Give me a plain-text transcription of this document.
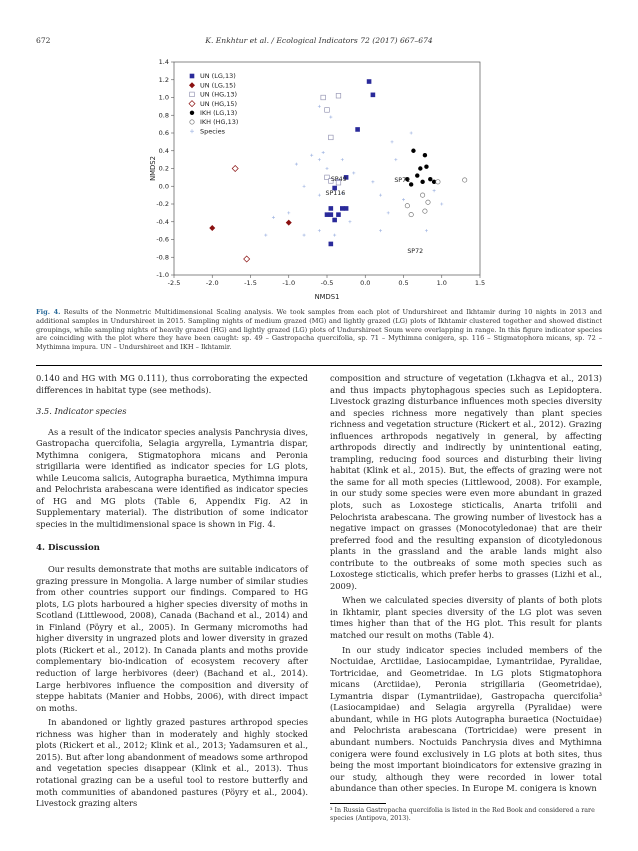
672	K. Enkhtur et al. / Ecological Indicators 72 (2017) 667–674
-2.5	-2.0	-1.5	-1.0	-0.5	0.0	0.5	1.0	1.5
-1.0
-0.8
-0.6
-0.4
-0.2
0.0
0.2
0.4
0.6
0.8
1.0
1.2
1.4
NMDS1
NMDS2	SP49
SP116
SP71
SP72
UN (LG,13)
UN (LG,15)
UN (HG,13)
UN (HG,15)
IKH (LG,13)
IKH (HG,13)
Species
Fig. 4. Results of the Nonmetric Multidimensional Scaling analysis. We took samples from each plot of Undurshireet and Ikhtamir during 10 nights in 2013 and additional samples in Undurshireet in 2015. Sampling nights of medium grazed (MG) and lightly grazed (LG) plots of Ikhtamir clustered together and showed distinct groupings, while sampling nights of heavily grazed (HG) and lightly grazed (LG) plots of Undurshireet Soum were overlapping in range. In this figure indicator species are coinciding with the plot where they have been caught: sp. 49 – Gastropacha quercifolia, sp. 71 – Mythimna conigera, sp. 116 – Stigmatophora micans, sp. 72 – Mythimna impura. UN – Undurshireet and IKH – Ikhtamir.

0.140 and HG with MG 0.111), thus corroborating the expected differences in habitat type (see methods).

3.5. Indicator species

As a result of the indicator species analysis Panchrysia dives, Gastropacha quercifolia, Selagia argyrella, Lymantria dispar, Mythimna conigera, Stigmatophora micans and Peronia strigillaria were identified as indicator species for LG plots, while Leucoma salicis, Autographa buraetica, Mythimna impura and Pelochrista arabescana were identified as indicator species of HG and MG plots (Table 6, Appendix Fig. A2 in Supplementary material). The distribution of some indicator species in the multidimensional space is shown in Fig. 4.

4. Discussion

Our results demonstrate that moths are suitable indicators of grazing pressure in Mongolia. A large number of similar studies from other countries support our findings. Compared to HG plots, LG plots harboured a higher species diversity of moths in Scotland (Littlewood, 2008), Canada (Bachand et al., 2014) and in Finland (Pöyry et al., 2005). In Germany micromoths had higher diversity in ungrazed plots and lower diversity in grazed plots (Rickert et al., 2012). In Canada plants and moths provide complementary bio-indication of ecosystem recovery after reduction of large herbivores (deer) (Bachand et al., 2014). Large herbivores influence the composition and diversity of steppe habitats (Manier and Hobbs, 2006), with direct impact on moths.

In abandoned or lightly grazed pastures arthropod species richness was higher than in moderately and highly stocked plots (Rickert et al., 2012; Klink et al., 2013; Yadamsuren et al., 2015). But after long abandonment of meadows some arthropod and vegetation species disappear (Klink et al., 2013). Thus rotational grazing can be a useful tool to restore butterfly and moth communities of abandoned pastures (Pöyry et al., 2004). Livestock grazing alters

composition and structure of vegetation (Lkhagva et al., 2013) and thus impacts phytophagous species such as Lepidoptera. Livestock grazing disturbance influences moth species diversity and species richness more negatively than plant species richness and vegetation structure (Rickert et al., 2012). Grazing influences arthropods negatively in general, by affecting arthropods directly and indirectly by unintentional eating, trampling, reducing food sources and disturbing their living habitat (Klink et al., 2015). But, the effects of grazing were not the same for all moth species (Littlewood, 2008). For example, in our study some species were even more abundant in grazed plots, such as Loxostege sticticalis, Anarta trifolii and Pelochrista arabescana. The growing number of livestock has a negative impact on grasses (Monocotyledonae) that are their preferred food and the resulting expansion of dicotyledonous plants in the grassland and the arable lands might also contribute to the outbreaks of some moth species such as Loxostege sticticalis, which prefer herbs to grasses (Lizhi et al., 2009).

When we calculated species diversity of plants of both plots in Ikhtamir, plant species diversity of the LG plot was seven times higher than that of the HG plot. This result for plants matched our result on moths (Table 4).

In our study indicator species included members of the Noctuidae, Arctiidae, Lasiocampidae, Lymantriidae, Pyralidae, Tortricidae, and Geometridae. In LG plots Stigmatophora micans (Arctiidae), Peronia strigillaria (Geometridae), Lymantria dispar (Lymantriidae), Gastropacha quercifolia³ (Lasiocampidae) and Selagia argyrella (Pyralidae) were abundant, while in HG plots Autographa buraetica (Noctuidae) and Pelochrista arabescana (Tortricidae) were present in abundant numbers. Noctuids Panchrysia dives and Mythimna conigera were found exclusively in LG plots at both sites, thus being the most important bioindicators for extensive grazing in our study, although they were recorded in lower total abundance than other species. In Europe M. conigera is known

³ In Russia Gastropacha quercifolia is listed in the Red Book and considered a rare species (Antipova, 2013).
